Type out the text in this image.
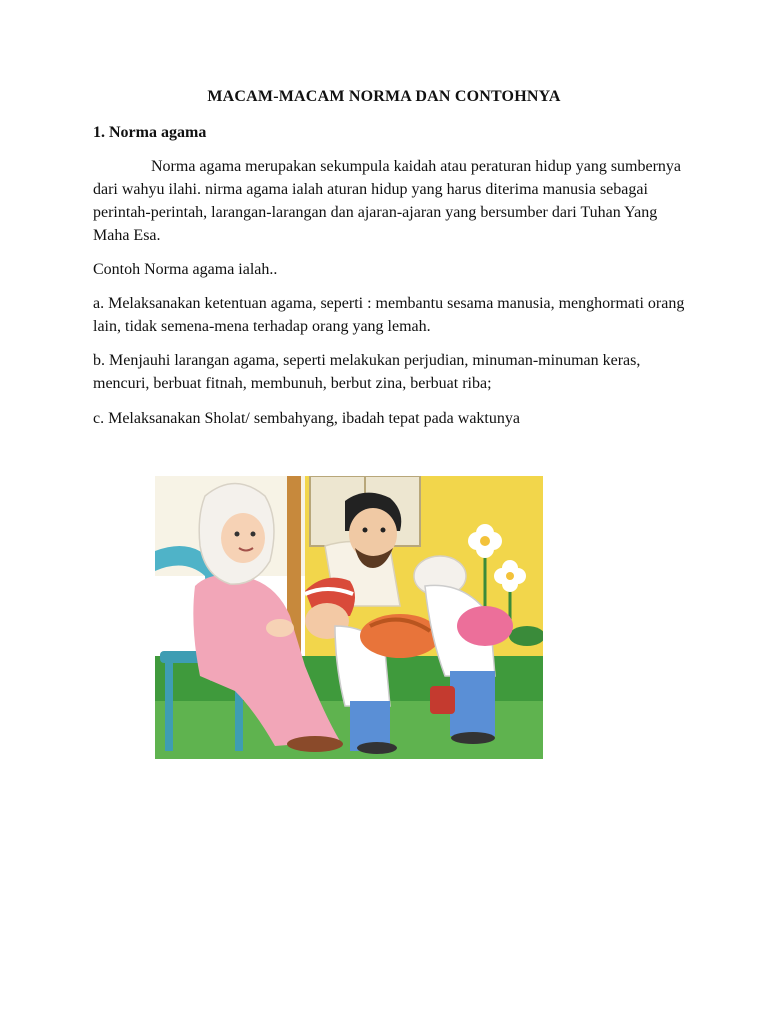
MACAM-MACAM NORMA DAN CONTOHNYA
1. Norma agama
Norma agama merupakan sekumpula kaidah atau peraturan hidup yang sumbernya dari wahyu ilahi. nirma agama ialah aturan hidup yang harus diterima manusia sebagai perintah-perintah, larangan-larangan dan ajaran-ajaran yang bersumber dari Tuhan Yang Maha Esa.
Contoh Norma agama ialah..
a. Melaksanakan ketentuan agama, seperti : membantu sesama manusia, menghormati orang lain, tidak semena-mena terhadap orang yang lemah.
b. Menjauhi larangan agama, seperti melakukan perjudian, minuman-minuman keras, mencuri, berbuat fitnah, membunuh, berbut zina, berbuat riba;
c. Melaksanakan Sholat/ sembahyang, ibadah tepat pada waktunya
